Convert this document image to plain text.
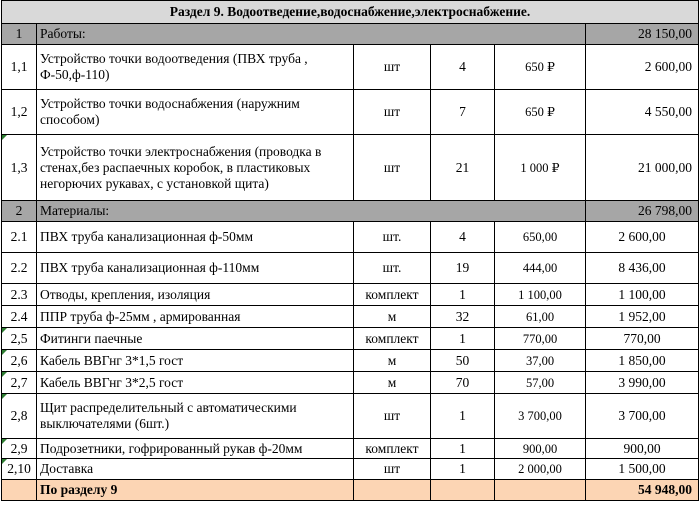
Раздел 9. Водоотведение,водоснабжение,электроснабжение.					
1	Работы:				28 150,00
1,1	Устройство точки водоотведения (ПВХ труба , Ф-50,ф-110)	шт	4	650 ₽	2 600,00
1,2	Устройство точки водоснабжения (наружним способом)	шт	7	650 ₽	4 550,00
1,3	Устройство точки электроснабжения (проводка в стенах,без распаечных коробок, в пластиковых негорючих рукавах, с установкой щита)	шт	21	1 000 ₽	21 000,00
2	Материалы:				26 798,00
2.1	ПВХ труба канализационная ф-50мм	шт.	4	650,00	2 600,00
2.2	ПВХ труба канализационная ф-110мм	шт.	19	444,00	8 436,00
2.3	Отводы, крепления, изоляция	комплект	1	1 100,00	1 100,00
2.4	ППР труба ф-25мм , армированная	м	32	61,00	1 952,00
2,5	Фитинги паечные	комплект	1	770,00	770,00
2,6	Кабель ВВГнг 3*1,5 гост	м	50	37,00	1 850,00
2,7	Кабель ВВГнг 3*2,5 гост	м	70	57,00	3 990,00
2,8	Щит распределительный с автоматическими выключателями (6шт.)	шт	1	3 700,00	3 700,00
2,9	Подрозетники, гофрированный рукав ф-20мм	комплект	1	900,00	900,00
2,10	Доставка	шт	1	2 000,00	1 500,00
	По разделу 9				54 948,00
